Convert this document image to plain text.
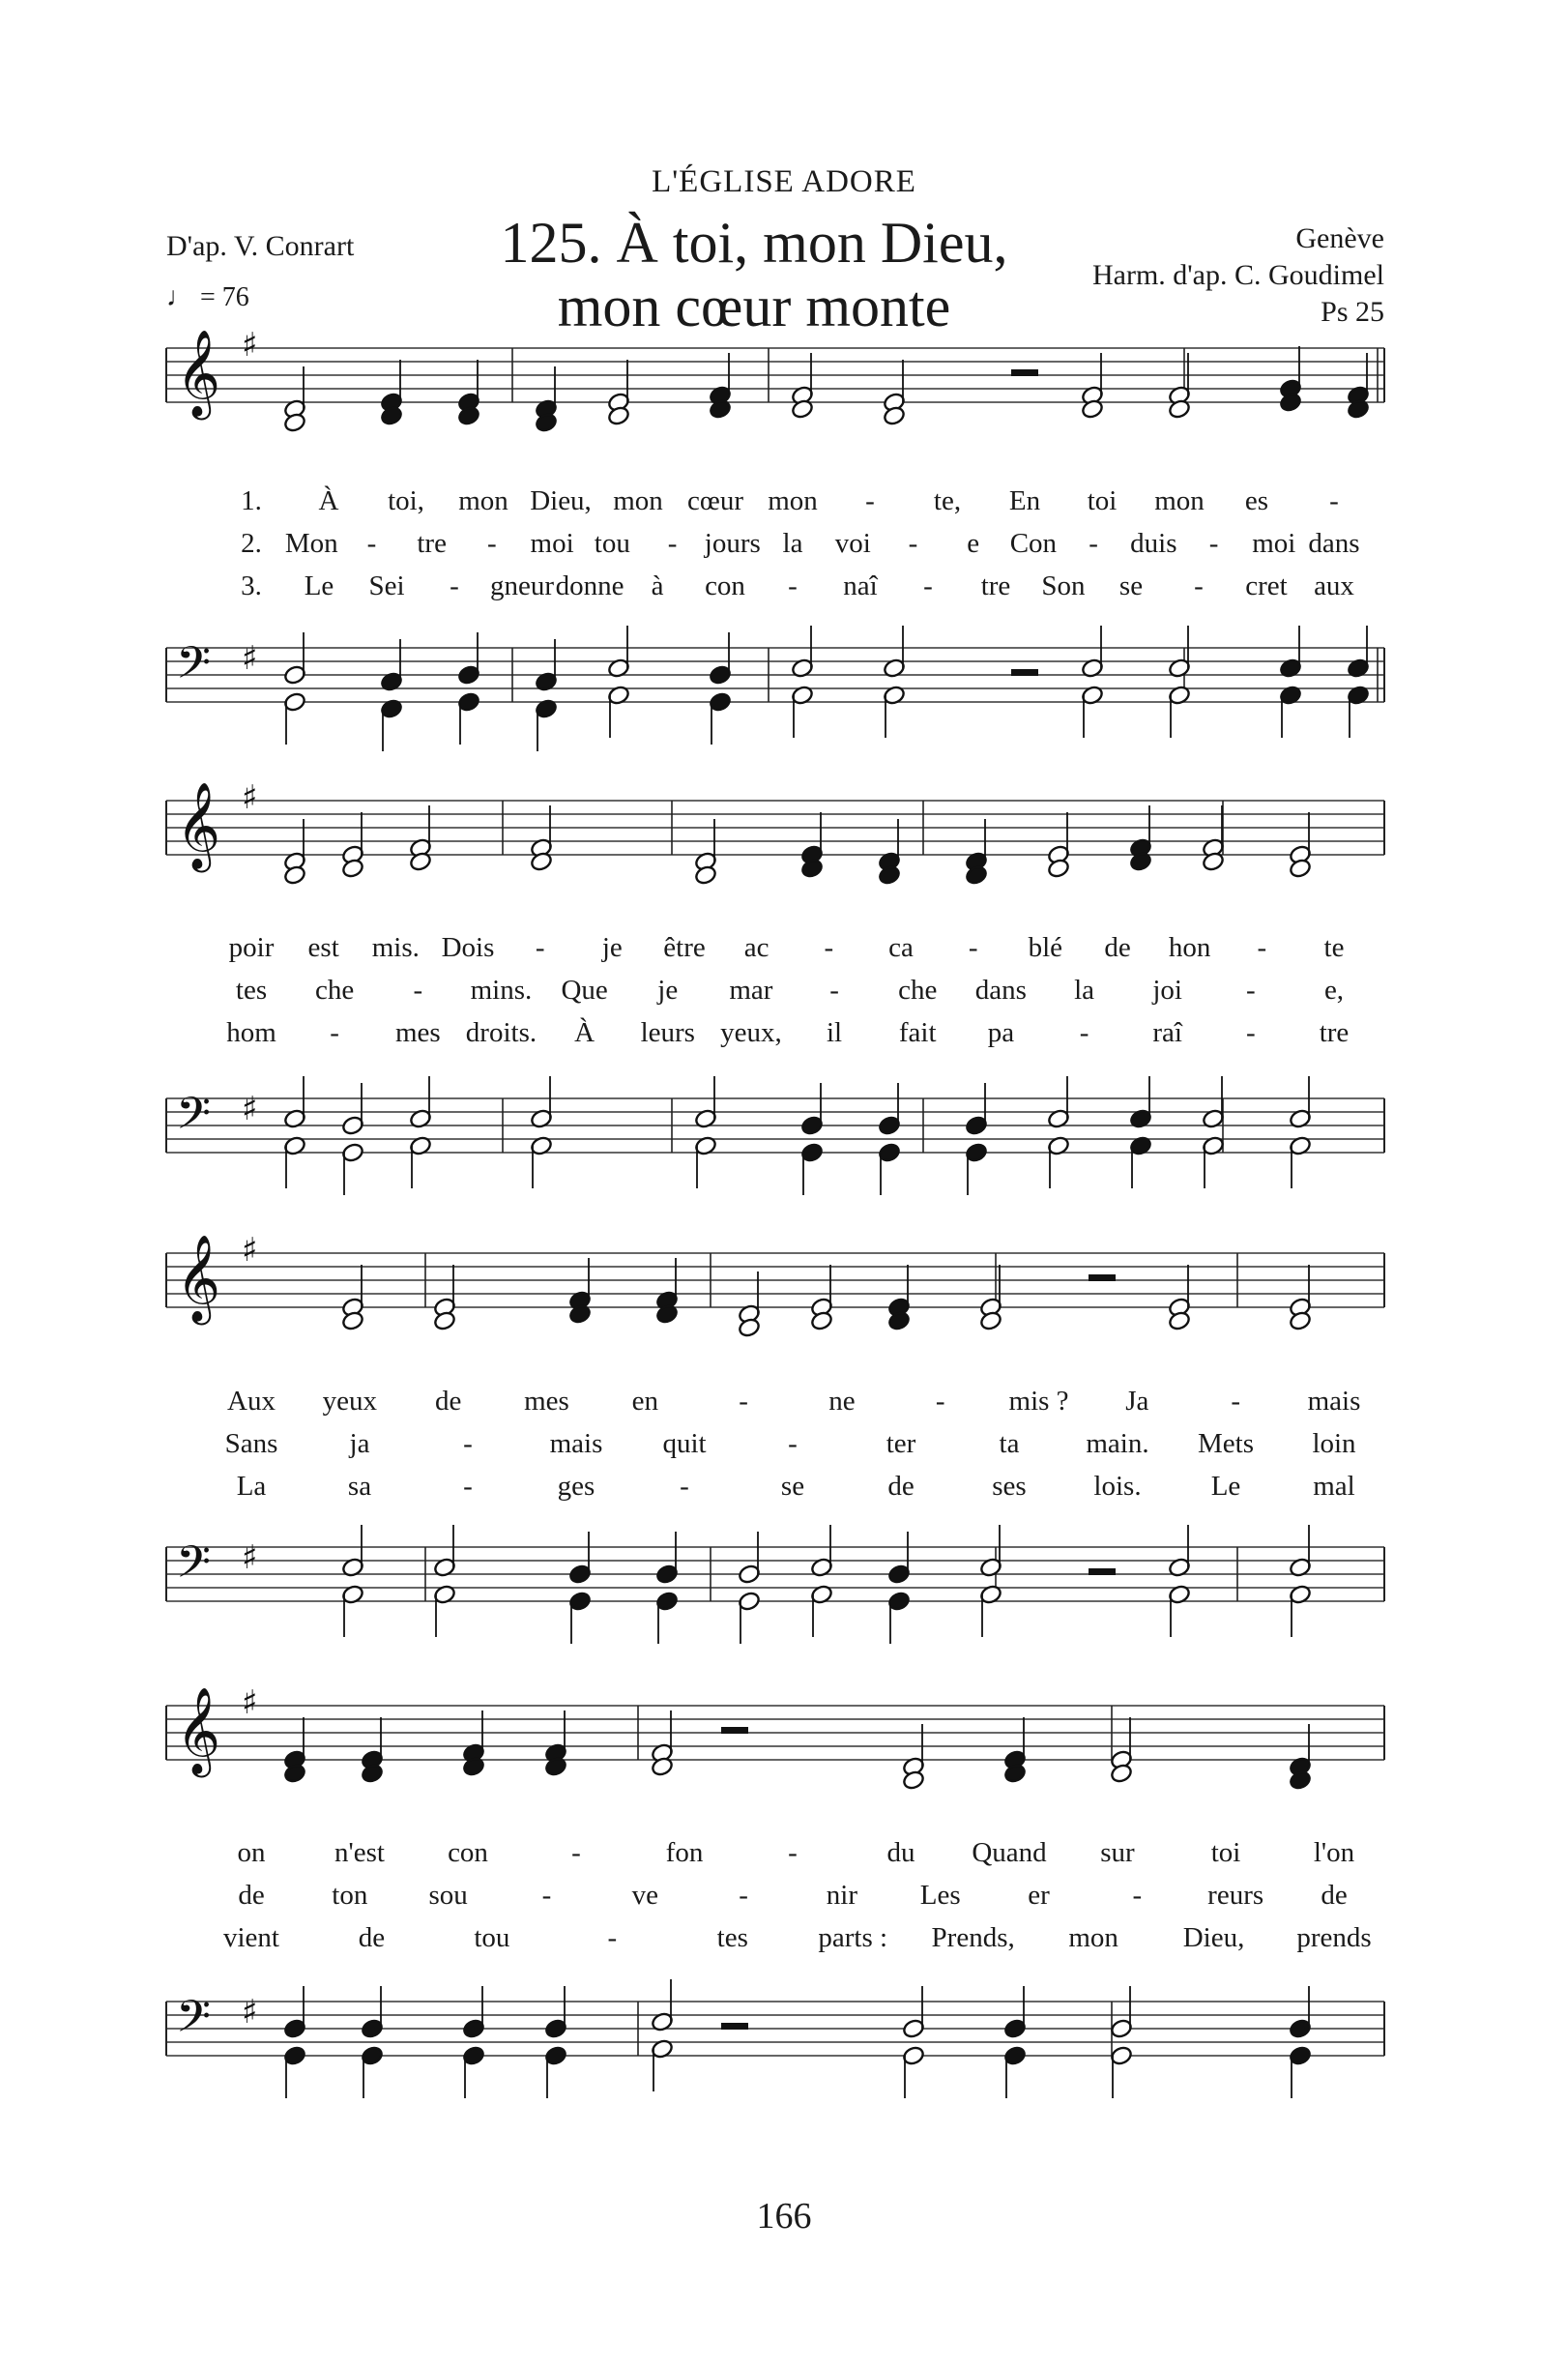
L'ÉGLISE ADORE
125. À toi, mon Dieu,
mon cœur monte
D'ap. V. Conrart
♩ = 76
Genève
Harm. d'ap. C. Goudimel
Ps 25
𝄞 ♯
𝄢 ♯
𝄞 ♯
𝄢 ♯
𝄞 ♯
𝄢 ♯
𝄞 ♯
𝄢 ♯
1. À toi, mon Dieu, mon cœur mon - te, En toi mon es -
2. Mon - tre - moi tou - jours la voi - e Con - duis - moi dans
3. Le Sei - gneur donne à con - naî - tre Son se - cret aux
poir est mis. Dois - je être ac - ca - blé de hon - te
tes che - mins. Que je mar - che dans la joi - e,
hom - mes droits. À leurs yeux, il fait pa - raî - tre
Aux yeux de mes en	-	ne	- mis ? Ja	- mais
Sans	ja	-	mais quit	-	ter	ta main. Mets loin
La	sa	-	ges	-	se	de	ses lois. Le	mal
on n'est con	-	fon	-	du Quand sur	toi	l'on
de ton sou	-	ve	-	nir Les er	- reurs de
vient	de	tou	-	tes	parts : Prends, mon Dieu, prends
166
